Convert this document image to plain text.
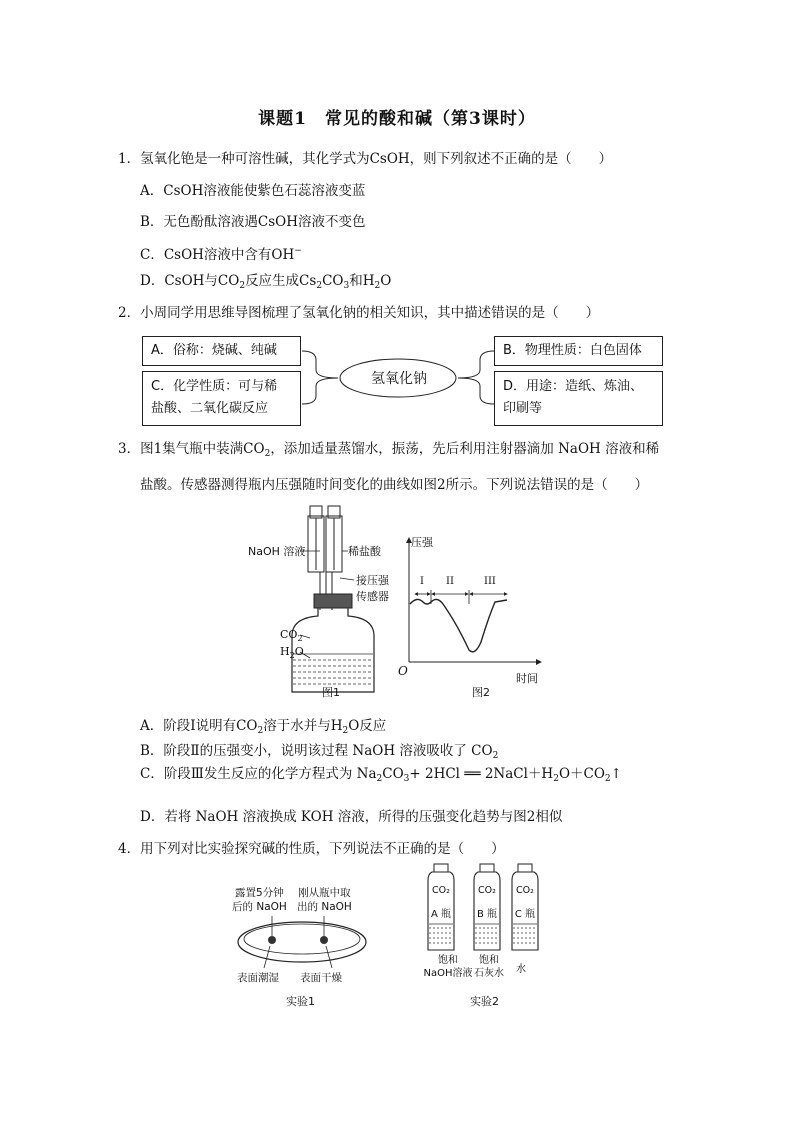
课题1　常见的酸和碱（第3课时）
1．氢氧化铯是一种可溶性碱，其化学式为CsOH，则下列叙述不正确的是（　　）
A．CsOH溶液能使紫色石蕊溶液变蓝
B．无色酚酞溶液遇CsOH溶液不变色
C．CsOH溶液中含有OH−
D．CsOH与$CO_2$反应生成$Cs_2CO_3$和$H_2O$
2．小周同学用思维导图梳理了氢氧化钠的相关知识，其中描述错误的是（　　）
A．俗称：烧碱、纯碱
C．化学性质：可与稀
盐酸、二氧化碳反应
B．物理性质：白色固体
D．用途：造纸、炼油、
印刷等
氢氧化钠
3．图1集气瓶中装满$CO_2$，添加适量蒸馏水，振荡，先后利用注射器滴加 NaOH 溶液和稀
盐酸。传感器测得瓶内压强随时间变化的曲线如图2所示。下列说法错误的是（　　）
NaOH 溶液	稀盐酸
接压强
传感器
$CO_2$
$H_2O$
图1
压强
时间
O
I II	III
图2
A．阶段Ⅰ说明有$CO_2$溶于水并与$H_2O$反应
B．阶段Ⅱ的压强变小，说明该过程 NaOH 溶液吸收了 $CO_2$
C．阶段Ⅲ发生反应的化学方程式为 $Na_2CO_3+ 2HCl$ ══ $2NaCl+H_2O+CO_2↑$
D．若将 NaOH 溶液换成 KOH 溶液，所得的压强变化趋势与图2相似
4．用下列对比实验探究碱的性质，下列说法不正确的是（　　）
露置5分钟
后的 NaOH
刚从瓶中取
出的 NaOH
表面潮湿 表面干燥
实验1
CO₂	CO₂ CO₂
A 瓶	B 瓶 C 瓶
饱和
NaOH溶液
饱和
石灰水	水
实验2
